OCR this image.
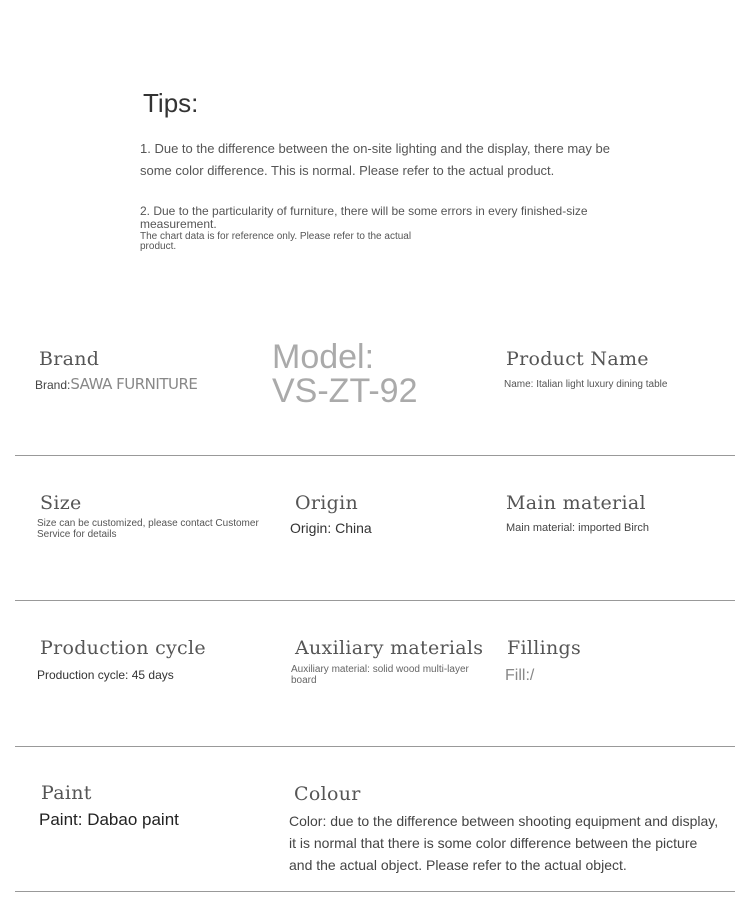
Tips:
1. Due to the difference between the on-site lighting and the display, there may be some color difference. This is normal. Please refer to the actual product.
2. Due to the particularity of furniture, there will be some errors in every finished-size measurement.
The chart data is for reference only. Please refer to the actual product.
Brand
Brand:SAWA FURNITURE
Model:
VS-ZT-92
Product Name
Name: Italian light luxury dining table
Size
Size can be customized, please contact Customer Service for details
Origin
Origin: China
Main material
Main material: imported Birch
Production cycle
Production cycle: 45 days
Auxiliary materials
Auxiliary material: solid wood multi-layer board
Fillings
Fill:/
Paint
Paint: Dabao paint
Colour
Color: due to the difference between shooting equipment and display, it is normal that there is some color difference between the picture and the actual object. Please refer to the actual object.
